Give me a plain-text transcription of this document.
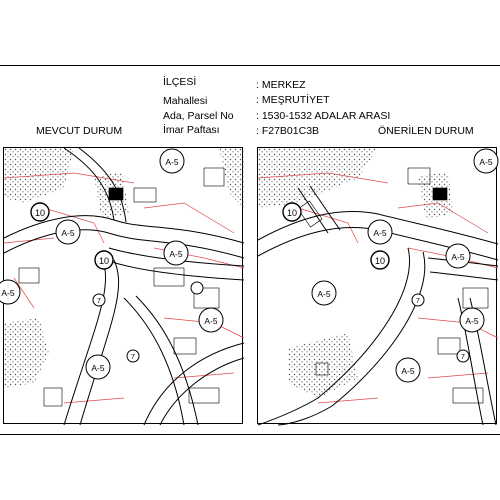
İLÇESİ	: MERKEZ
Mahallesi	: MEŞRUTİYET
Ada, Parsel No : 1530-1532 ADALAR ARASI
İmar Paftası	: F27B01C3B
MEVCUT DURUM	ÖNERİLEN DURUM
A-5
A-5
A-5
A-5
A-5
A-5
10
10
7
7
A-5
A-5
A-5
A-5
A-5
A-5
10
10
7
7
